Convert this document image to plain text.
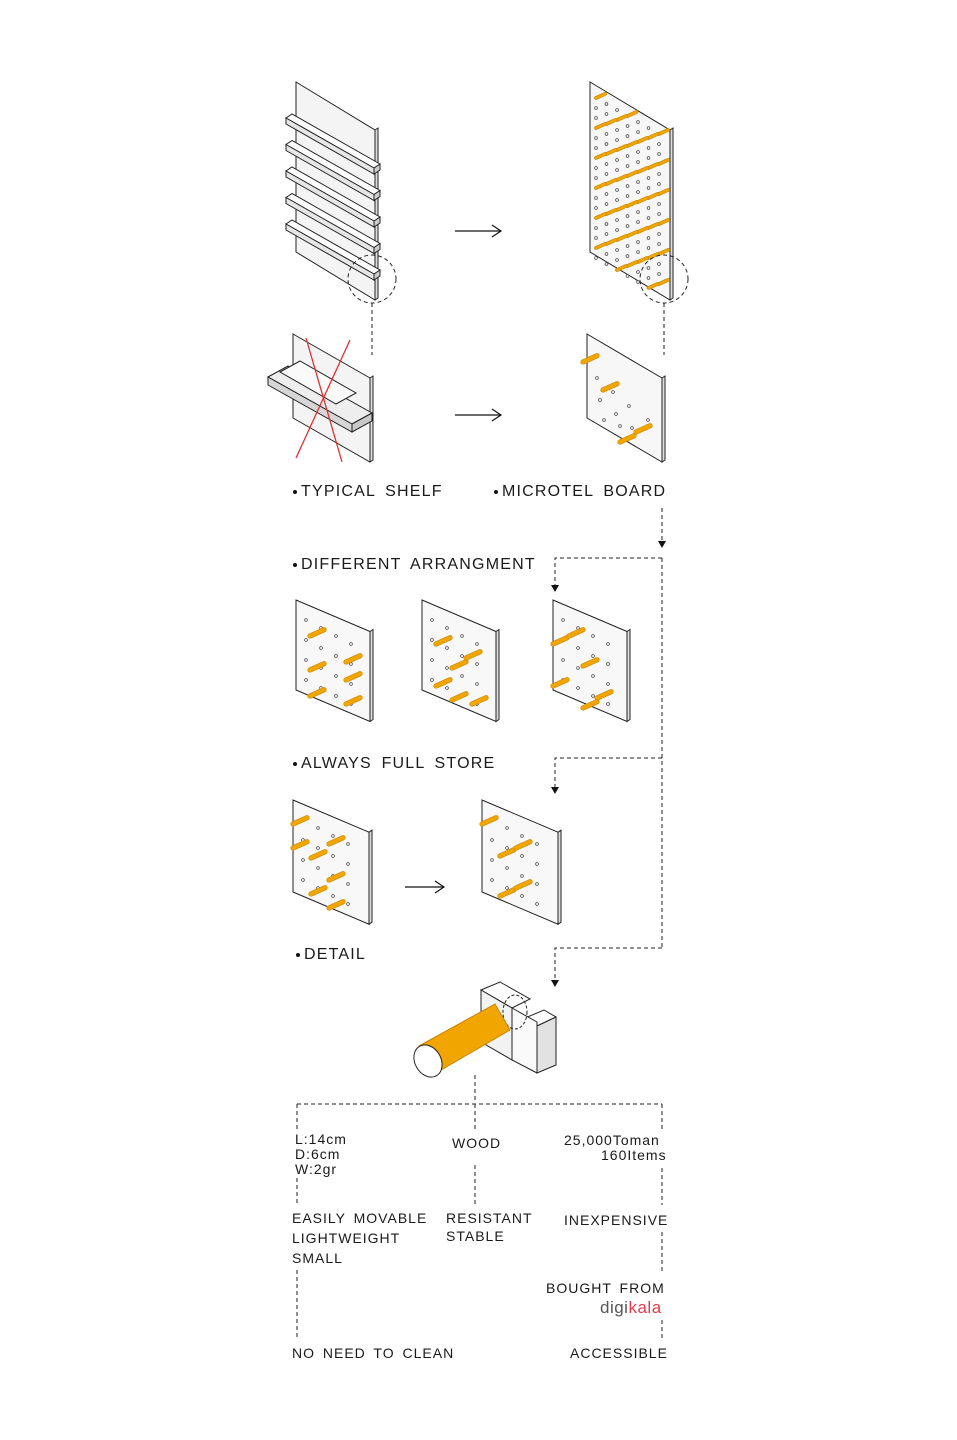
TYPICAL SHELF	MICROTEL BOARD
DIFFERENT ARRANGMENT
ALWAYS FULL STORE
DETAIL
L:14cm
D:6cm
W:2gr
WOOD	25,000Toman
160Items
EASILY MOVABLE
LIGHTWEIGHT
SMALL
RESISTANT
STABLE
INEXPENSIVE
BOUGHT FROM
digikala
NO NEED TO CLEAN	ACCESSIBLE
